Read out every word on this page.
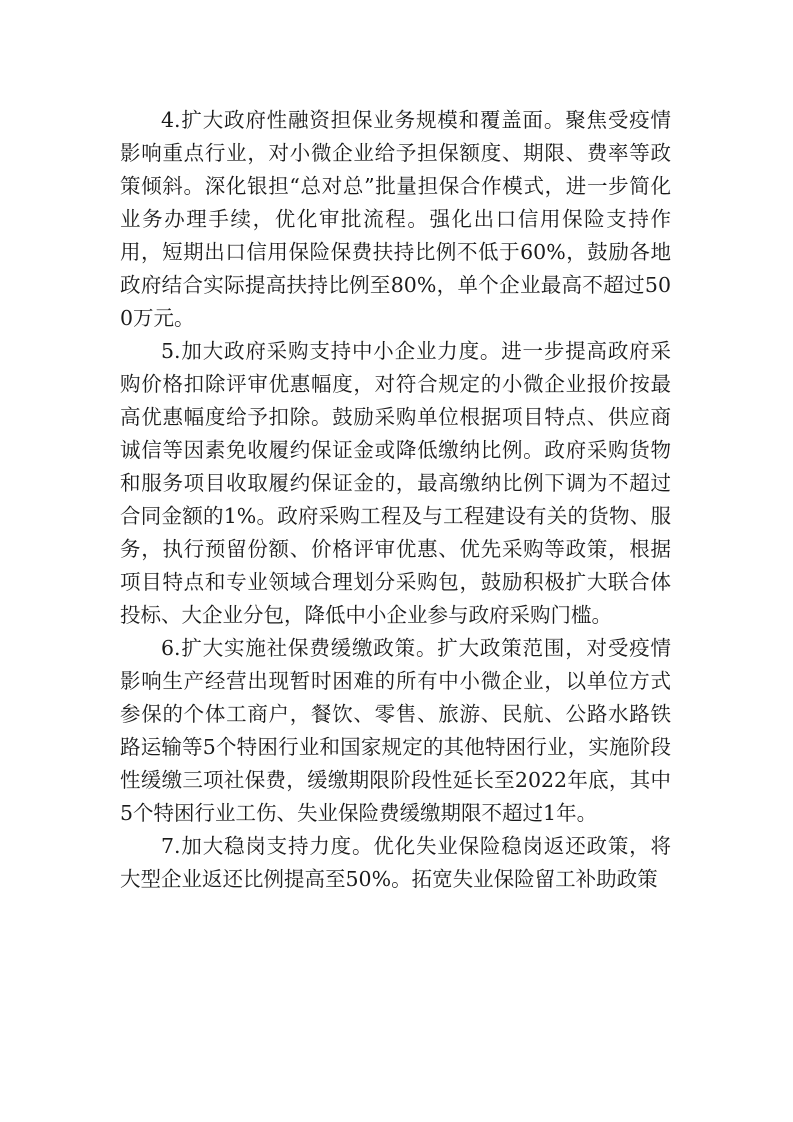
4.扩大政府性融资担保业务规模和覆盖面。聚焦受疫情影响重点行业，对小微企业给予担保额度、期限、费率等政策倾斜。深化银担“总对总”批量担保合作模式，进一步简化业务办理手续，优化审批流程。强化出口信用保险支持作用，短期出口信用保险保费扶持比例不低于60%，鼓励各地政府结合实际提高扶持比例至80%，单个企业最高不超过500万元。

5.加大政府采购支持中小企业力度。进一步提高政府采购价格扣除评审优惠幅度，对符合规定的小微企业报价按最高优惠幅度给予扣除。鼓励采购单位根据项目特点、供应商诚信等因素免收履约保证金或降低缴纳比例。政府采购货物和服务项目收取履约保证金的，最高缴纳比例下调为不超过合同金额的1%。政府采购工程及与工程建设有关的货物、服务，执行预留份额、价格评审优惠、优先采购等政策，根据项目特点和专业领域合理划分采购包，鼓励积极扩大联合体投标、大企业分包，降低中小企业参与政府采购门槛。

6.扩大实施社保费缓缴政策。扩大政策范围，对受疫情影响生产经营出现暂时困难的所有中小微企业，以单位方式参保的个体工商户，餐饮、零售、旅游、民航、公路水路铁路运输等5个特困行业和国家规定的其他特困行业，实施阶段性缓缴三项社保费，缓缴期限阶段性延长至2022年底，其中5个特困行业工伤、失业保险费缓缴期限不超过1年。

7.加大稳岗支持力度。优化失业保险稳岗返还政策，将大型企业返还比例提高至50%。拓宽失业保险留工补助政策
